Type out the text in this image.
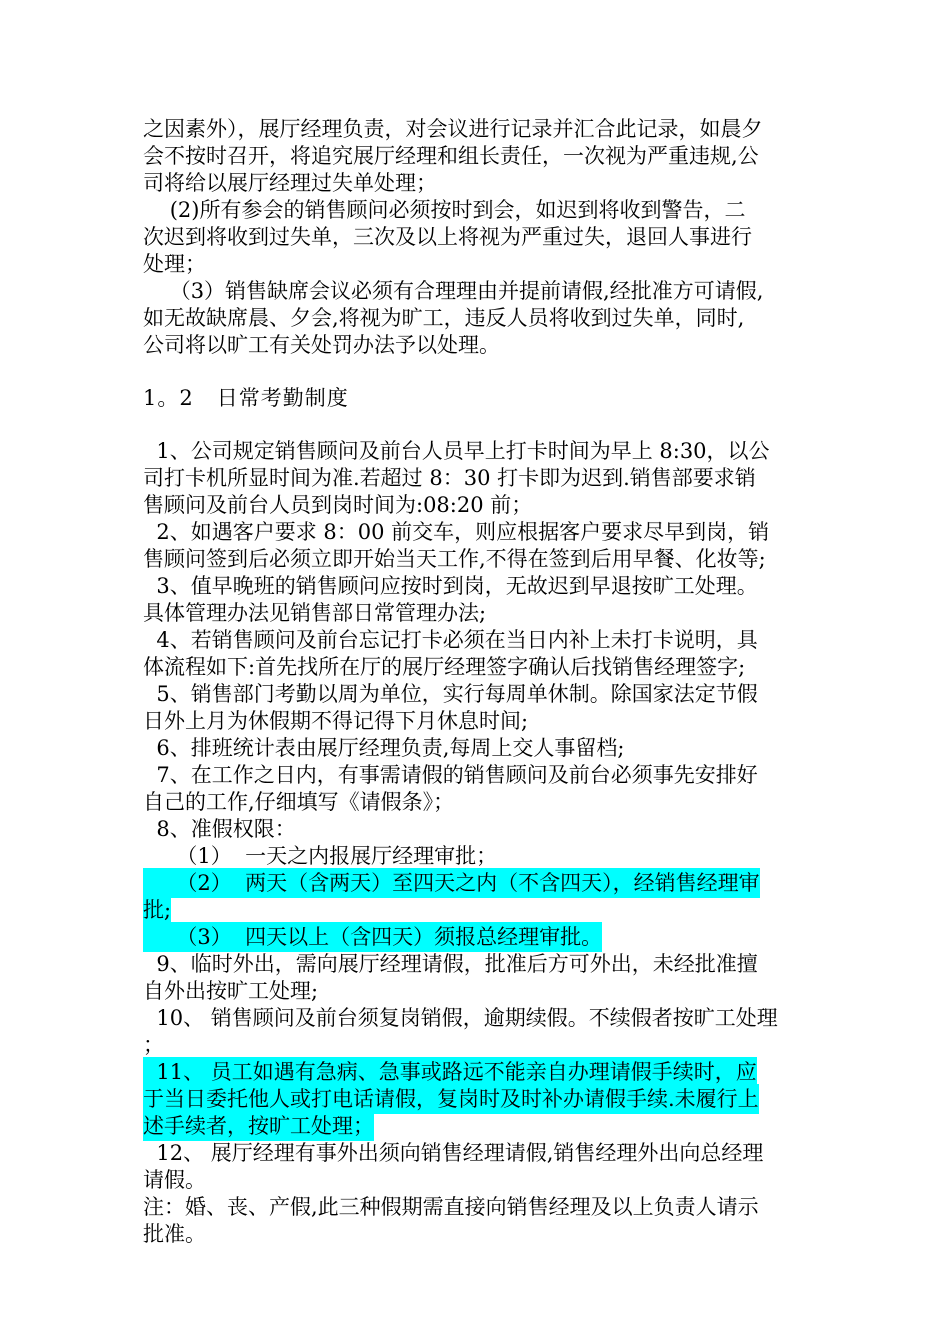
之因素外），展厅经理负责，对会议进行记录并汇合此记录，如晨夕
会不按时召开，将追究展厅经理和组长责任，一次视为严重违规,公
司将给以展厅经理过失单处理；
(2)所有参会的销售顾问必须按时到会，如迟到将收到警告，二
次迟到将收到过失单，三次及以上将视为严重过失，退回人事进行
处理；
（3）销售缺席会议必须有合理理由并提前请假,经批准方可请假,
如无故缺席晨、夕会,将视为旷工，违反人员将收到过失单，同时,
公司将以旷工有关处罚办法予以处理。
1。2   日常考勤制度
1、公司规定销售顾问及前台人员早上打卡时间为早上 8:30，以公
司打卡机所显时间为准.若超过 8：30 打卡即为迟到.销售部要求销
售顾问及前台人员到岗时间为:08:20 前；
2、如遇客户要求 8：00 前交车，则应根据客户要求尽早到岗，销
售顾问签到后必须立即开始当天工作,不得在签到后用早餐、化妆等;
3、值早晚班的销售顾问应按时到岗，无故迟到早退按旷工处理。
具体管理办法见销售部日常管理办法;
4、若销售顾问及前台忘记打卡必须在当日内补上未打卡说明，具
体流程如下:首先找所在厅的展厅经理签字确认后找销售经理签字;
5、销售部门考勤以周为单位，实行每周单休制。除国家法定节假
日外上月为休假期不得记得下月休息时间;
6、排班统计表由展厅经理负责,每周上交人事留档;
7、在工作之日内，有事需请假的销售顾问及前台必须事先安排好
自己的工作,仔细填写《请假条》；
8、准假权限：
（1）  一天之内报展厅经理审批；
（2）  两天（含两天）至四天之内（不含四天），经销售经理审
批;
（3）  四天以上（含四天）须报总经理审批。
9、临时外出，需向展厅经理请假，批准后方可外出，未经批准擅
自外出按旷工处理;
10、 销售顾问及前台须复岗销假，逾期续假。不续假者按旷工处理
；
11、 员工如遇有急病、急事或路远不能亲自办理请假手续时，应
于当日委托他人或打电话请假，复岗时及时补办请假手续.未履行上
述手续者，按旷工处理；
12、 展厅经理有事外出须向销售经理请假,销售经理外出向总经理
请假。
注：婚、丧、产假,此三种假期需直接向销售经理及以上负责人请示
批准。
